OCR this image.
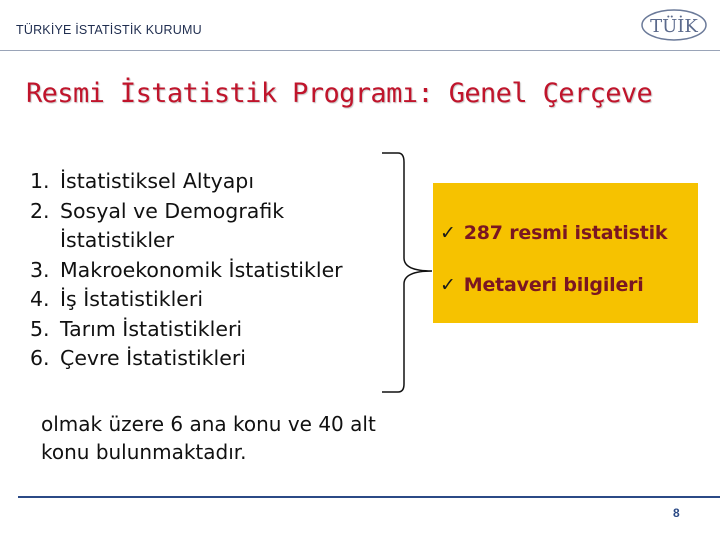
TÜRKİYE İSTATİSTİK KURUMU	TÜİK
Resmi İstatistik Programı: Genel Çerçeve
1. İstatistiksel Altyapı
2. Sosyal ve Demografik İstatistikler
3. Makroekonomik İstatistikler
4. İş İstatistikleri
5. Tarım İstatistikleri
6. Çevre İstatistikleri
✓ 287 resmi istatistik
✓ Metaveri bilgileri
olmak üzere 6 ana konu ve 40 alt konu bulunmaktadır.
8
